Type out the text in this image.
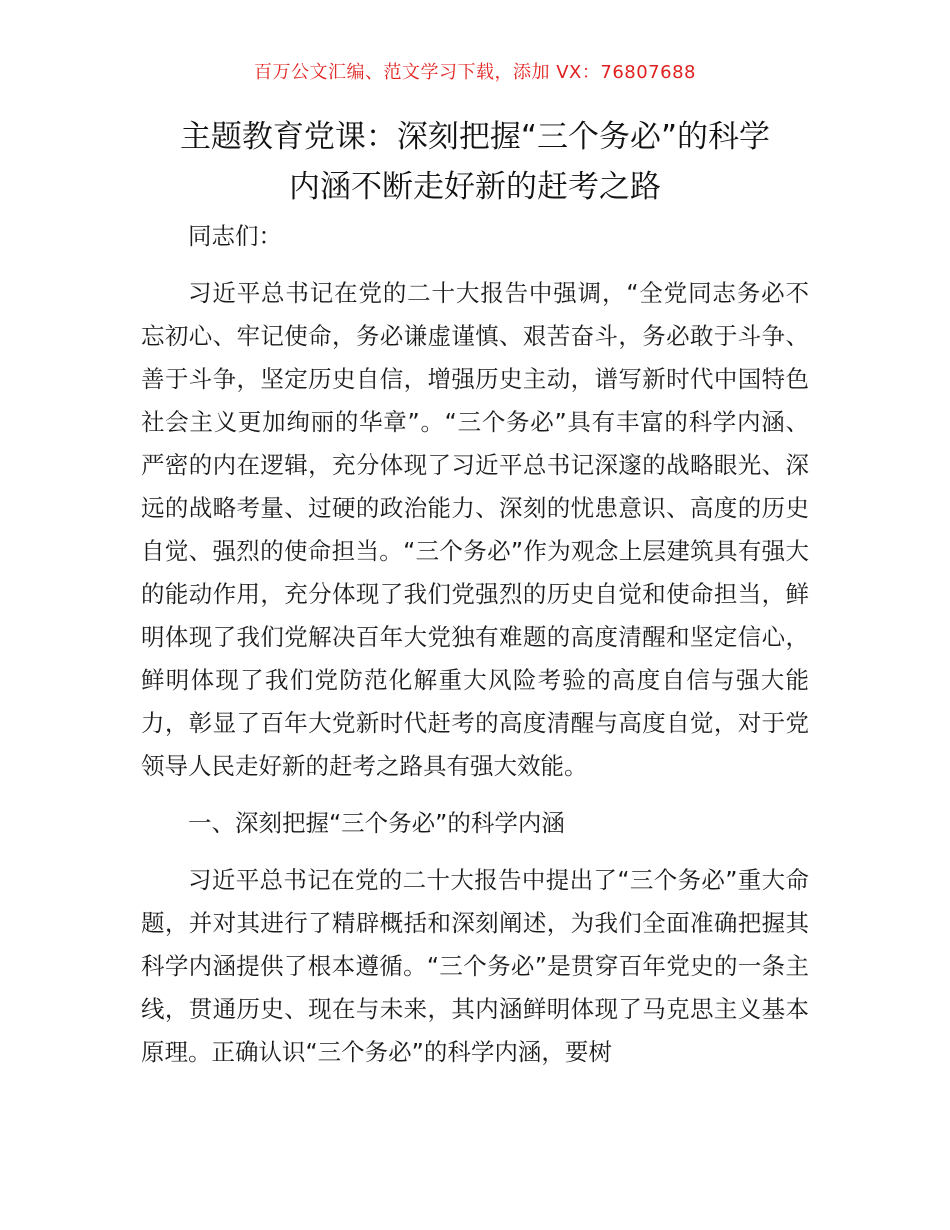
百万公文汇编、范文学习下载，添加 VX：76807688
主题教育党课：深刻把握“三个务必”的科学
内涵不断走好新的赶考之路

同志们：

习近平总书记在党的二十大报告中强调，“全党同志务必不忘初心、牢记使命，务必谦虚谨慎、艰苦奋斗，务必敢于斗争、善于斗争，坚定历史自信，增强历史主动，谱写新时代中国特色社会主义更加绚丽的华章”。“三个务必”具有丰富的科学内涵、严密的内在逻辑，充分体现了习近平总书记深邃的战略眼光、深远的战略考量、过硬的政治能力、深刻的忧患意识、高度的历史自觉、强烈的使命担当。“三个务必”作为观念上层建筑具有强大的能动作用，充分体现了我们党强烈的历史自觉和使命担当，鲜明体现了我们党解决百年大党独有难题的高度清醒和坚定信心，鲜明体现了我们党防范化解重大风险考验的高度自信与强大能力，彰显了百年大党新时代赶考的高度清醒与高度自觉，对于党领导人民走好新的赶考之路具有强大效能。

一、深刻把握“三个务必”的科学内涵

习近平总书记在党的二十大报告中提出了“三个务必”重大命题，并对其进行了精辟概括和深刻阐述，为我们全面准确把握其科学内涵提供了根本遵循。“三个务必”是贯穿百年党史的一条主线，贯通历史、现在与未来，其内涵鲜明体现了马克思主义基本原理。正确认识“三个务必”的科学内涵，要树
